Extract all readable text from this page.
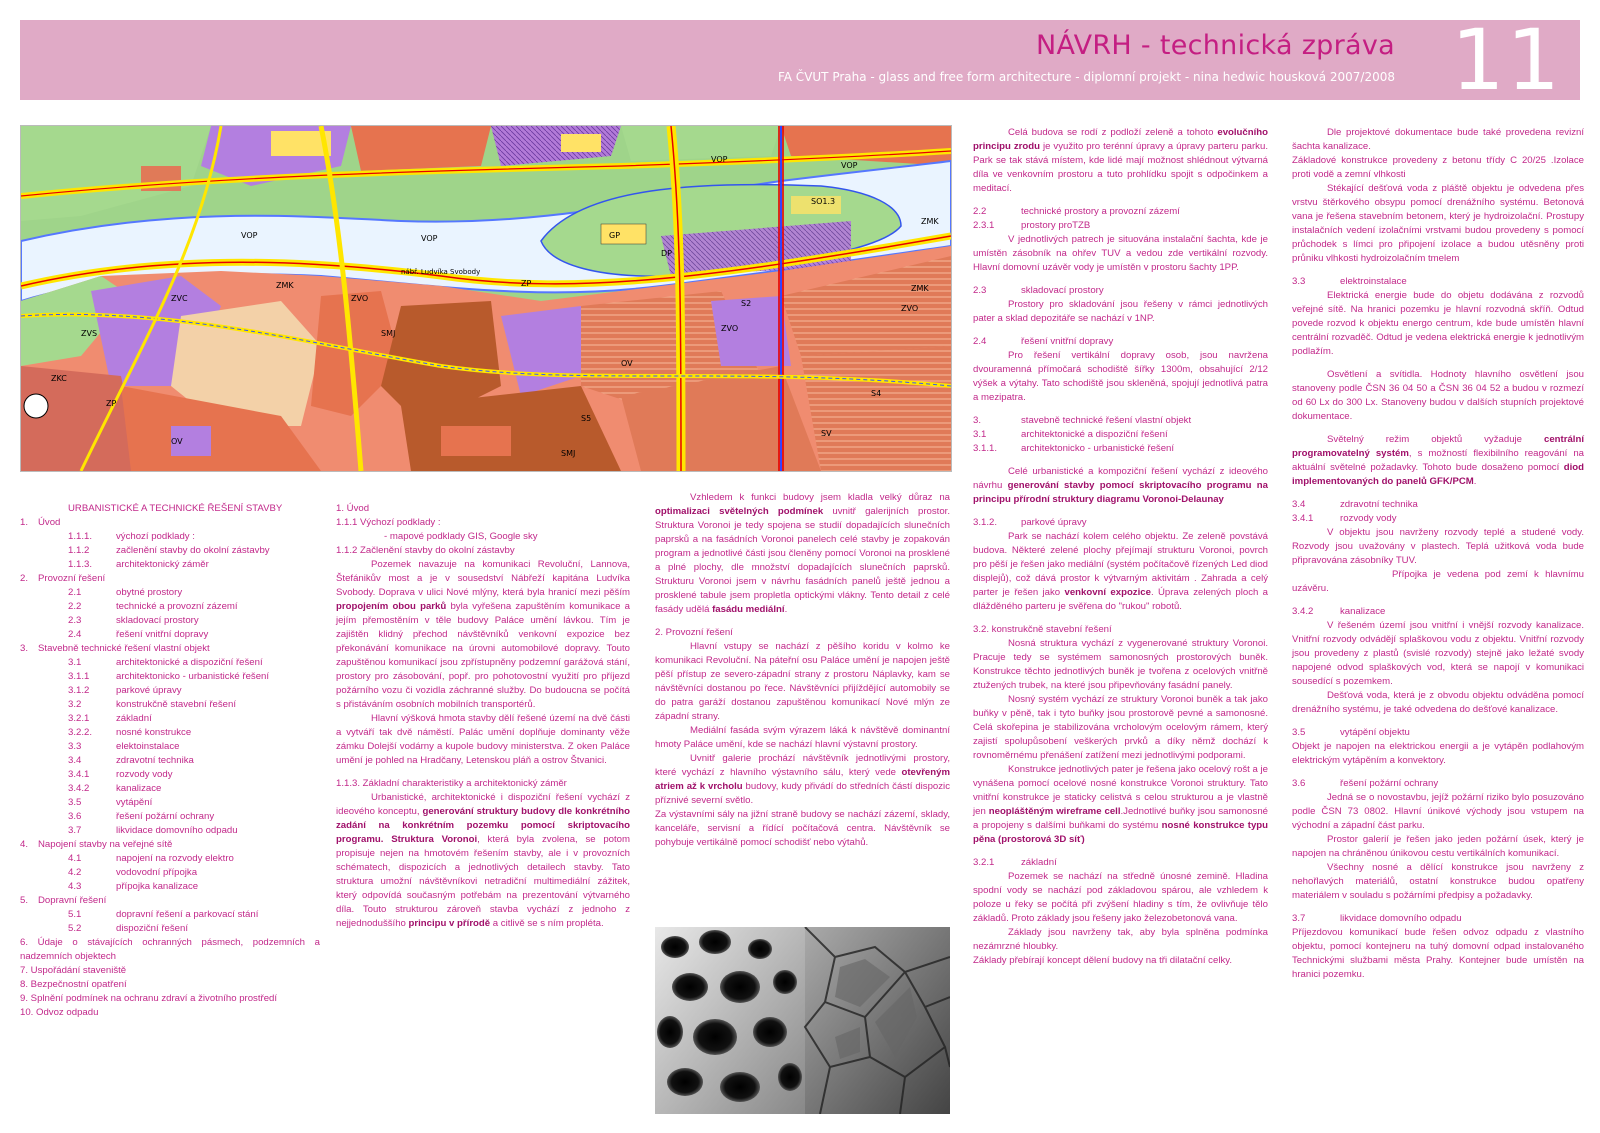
NÁVRH - technická zpráva
FA ČVUT Praha - glass and free form architecture - diplomní projekt - nina hedwic housková 2007/2008 11
VOP
VOP
VOP
VOP
SO1.3
ZMK
ZMK
ZMK
ZVO
ZVO
ZVO
ZVS
ZVC
ZKC
ZP
ZP
OV
OV
SMJ
SMJ
SV
S2
S4
S5
GP
DP
nábř. Ludvíka Svobody
URBANISTICKÉ A TECHNICKÉ ŘEŠENÍ STAVBY
1. Úvod
1.1.1. výchozí podklady :
1.1.2	začlenění stavby do okolní zástavby
1.1.3. architektonický záměr
2. Provozní řešení
2.1	obytné prostory
2.2	technické a provozní zázemí
2.3	skladovací prostory
2.4	řešení vnitřní dopravy
3. Stavebně technické řešení vlastní objekt
3.1	architektonické a dispoziční řešení
3.1.1	architektonicko - urbanistické řešení
3.1.2	parkové úpravy
3.2	konstrukčně stavební řešení
3.2.1	základní
3.2.2. nosné konstrukce
3.3	elektoinstalace
3.4	zdravotní technika
3.4.1	rozvody vody
3.4.2	kanalizace
3.5	vytápění
3.6	řešení požární ochrany
3.7	likvidace domovního odpadu
4. Napojení stavby na veřejné sítě
4.1	napojení na rozvody elektro
4.2	vodovodní přípojka
4.3	přípojka kanalizace
5. Dopravní řešení
5.1	dopravní řešení a parkovací stání
5.2	dispoziční řešení

6. Údaje o stávajících ochranných pásmech, podzemních a nadzemních objektech

7. Uspořádání staveniště

8. Bezpečnostní opatření

9. Splnění podmínek na ochranu zdraví a životního prostředí

10. Odvoz odpadu

1. Úvod

1.1.1 Výchozí podklady :

- mapové podklady GIS, Google sky

1.1.2 Začlenění stavby do okolní zástavby

Pozemek navazuje na komunikaci Revoluční, Lannova, Štefánikův most a je v sousedství Nábřeží kapitána Ludvíka Svobody. Doprava v ulici Nové mlýny, která byla hranicí mezi pěším propojením obou parků byla vyřešena zapuštěním komunikace a jejím přemostěním v těle budovy Paláce umění lávkou. Tím je zajištěn klidný přechod návštěvníků venkovní expozice bez překonávání komunikace na úrovni automobilové dopravy. Touto zapuštěnou komunikací jsou zpřístupněny podzemní garážová stání, prostory pro zásobování, popř. pro pohotovostní využití pro příjezd požárního vozu či vozidla záchranné služby. Do budoucna se počítá s přistáváním osobních mobilních transportérů.

Hlavní výšková hmota stavby dělí řešené území na dvě části a vytváří tak dvě náměstí. Palác umění doplňuje dominanty věže zámku Dolejší vodárny a kupole budovy ministerstva. Z oken Paláce umění je pohled na Hradčany, Letenskou pláň a ostrov Štvanici.

1.1.3. Základní charakteristiky a architektonický záměr

Urbanistické, architektonické i dispoziční řešení vychází z ideového konceptu, generování struktury budovy dle konkrétního zadání na konkrétním pozemku pomocí skriptovacího programu. Struktura Voronoi, která byla zvolena, se potom propisuje nejen na hmotovém řešením stavby, ale i v provozních schématech, dispozicích a jednotlivých detailech stavby. Tato struktura umožní návštěvníkovi netradiční multimediální zážitek, který odpovídá současným potřebám na prezentování výtvarného díla. Touto strukturou zároveň stavba vychází z jednoho z nejjednoduššího principu v přírodě a citlivě se s ním propléta.

Vzhledem k funkci budovy jsem kladla velký důraz na optimalizaci světelných podmínek uvnitř galerijních prostor. Struktura Voronoi je tedy spojena se studií dopadajících slunečních paprsků a na fasádních Voronoi panelech celé stavby je zopakován program a jednotlivé části jsou členěny pomocí Voronoi na prosklené a plné plochy, dle množství dopadajících slunečních paprsků. Strukturu Voronoi jsem v návrhu fasádních panelů ještě jednou a prosklené tabule jsem propletla optickými vlákny. Tento detail z celé fasády udělá fasádu mediální.

2. Provozní řešení

Hlavní vstupy se nachází z pěšího koridu v kolmo ke komunikaci Revoluční. Na páteřní osu Paláce umění je napojen ještě pěší přístup ze severo-západní strany z prostoru Náplavky, kam se návštěvníci dostanou po řece. Návštěvníci přijíždějící automobily se do patra garáží dostanou zapuštěnou komunikací Nové mlýn ze západní strany.

Mediální fasáda svým výrazem láká k návštěvě dominantní hmoty Paláce umění, kde se nachází hlavní výstavní prostory.

Uvnitř galerie prochází návštěvník jednotlivými prostory, které vychází z hlavního výstavního sálu, který vede otevřeným atriem až k vrcholu budovy, kudy přivádí do středních částí dispozic příznivé severní světlo.

Za výstavními sály na jižní straně budovy se nachází zázemí, sklady, kanceláře, servisní a řídící počítačová centra. Návštěvník se pohybuje vertikálně pomocí schodišť nebo výtahů.

Celá budova se rodí z podloží zeleně a tohoto evolučního principu zrodu je využito pro terénní úpravy a úpravy parteru parku. Park se tak stává místem, kde lidé mají možnost shlédnout výtvarná díla ve venkovním prostoru a tuto prohlídku spojit s odpočinkem a meditací.

2.2	technické prostory a provozní zázemí

2.3.1	prostory proTZB

V jednotlivých patrech je situována instalační šachta, kde je umístěn zásobník na ohřev TUV a vedou zde vertikální rozvody. Hlavní domovní uzávěr vody je umístěn v prostoru šachty 1PP.

2.3	skladovací prostory

Prostory pro skladování jsou řešeny v rámci jednotlivých pater a sklad depozitáře se nachází v 1NP.

2.4	řešení vnitřní dopravy

Pro řešení vertikální dopravy osob, jsou navržena dvouramenná přímočará schodiště šířky 1300m, obsahující 2/12 výšek a výtahy. Tato schodiště jsou skleněná, spojují jednotlivá patra a mezipatra.

3.	stavebně technické řešení vlastní objekt

3.1	architektonické a dispoziční řešení

3.1.1. architektonicko - urbanistické řešení

Celé urbanistické a kompoziční řešení vychází z ideového návrhu generování stavby pomocí skriptovacího programu na principu přírodní struktury diagramu Voronoi-Delaunay

3.1.2. parkové úpravy

Park se nachází kolem celého objektu. Ze zeleně povstává budova. Některé zelené plochy přejímají strukturu Voronoi, povrch pro pěší je řešen jako mediální (systém počítačově řízených Led diod displejů), což dává prostor k výtvarným aktivitám . Zahrada a celý parter je řešen jako venkovní expozice. Úprava zelených ploch a dlážděného parteru je svěřena do "rukou" robotů.

3.2. konstrukčně stavební řešení

Nosná struktura vychází z vygenerované struktury Voronoi. Pracuje tedy se systémem samonosných prostorových buněk. Konstrukce těchto jednotlivých buněk je tvořena z ocelových vnitřně ztužených trubek, na které jsou připevňovány fasádní panely.

Nosný systém vychází ze struktury Voronoi buněk a tak jako buňky v pěně, tak i tyto buňky jsou prostorově pevné a samonosné. Celá skořepina je stabilizována vrcholovým ocelovým rámem, který zajistí spolupůsobení veškerých prvků a díky němž dochází k rovnoměrnému přenášení zatížení mezi jednotlivými podporami.

Konstrukce jednotlivých pater je řešena jako ocelový rošt a je vynášena pomocí ocelové nosné konstrukce Voronoi struktury. Tato vnitřní konstrukce je staticky celistvá s celou strukturou a je vlastně jen neopláštěným wireframe cell.Jednotlivé buňky jsou samonosné a propojeny s dalšími buňkami do systému nosné konstrukce typu pěna (prostorová 3D síť)

3.2.1	základní

Pozemek se nachází na středně únosné zemině. Hladina spodní vody se nachází pod základovou spárou, ale vzhledem k poloze u řeky se počítá při zvýšení hladiny s tím, že ovlivňuje tělo základů. Proto základy jsou řešeny jako železobetonová vana.

Základy jsou navrženy tak, aby byla splněna podmínka nezámrzné hloubky.

Základy přebírají koncept dělení budovy na tři dilatační celky.

Dle projektové dokumentace bude také provedena revizní šachta kanalizace.

Základové konstrukce provedeny z betonu třídy C 20/25 .Izolace proti vodě a zemní vlhkosti

Stékající dešťová voda z pláště objektu je odvedena přes vrstvu štěrkového obsypu pomocí drenážního systému. Betonová vana je řešena stavebním betonem, který je hydroizolační. Prostupy instalačních vedení izolačními vrstvami budou provedeny s pomocí průchodek s límci pro připojení izolace a budou utěsněny proti průniku vlhkosti hydroizolačním tmelem

3.3	elektroinstalace

Elektrická energie bude do objetu dodávána z rozvodů veřejné sítě. Na hranici pozemku je hlavní rozvodná skříň. Odtud povede rozvod k objektu energo centrum, kde bude umístěn hlavní centrální rozvaděč. Odtud je vedena elektrická energie k jednotlivým podlažím.

Osvětlení a svítidla. Hodnoty hlavního osvětlení jsou stanoveny podle ČSN 36 04 50 a ČSN 36 04 52 a budou v rozmezí od 60 Lx do 300 Lx. Stanoveny budou v dalších stupních projektové dokumentace.

Světelný režim objektů vyžaduje centrální programovatelný systém, s možností flexibilního reagování na aktuální světelné požadavky. Tohoto bude dosaženo pomocí diod implementovaných do panelů GFK/PCM.

3.4	zdravotní technika

3.4.1	rozvody vody

V objektu jsou navrženy rozvody teplé a studené vody. Rozvody jsou uvažovány v plastech. Teplá užitková voda bude připravována zásobníky TUV.

Přípojka je vedena pod zemí k hlavnímu uzávěru.

3.4.2	kanalizace

V řešeném území jsou vnitřní i vnější rozvody kanalizace. Vnitřní rozvody odvádějí splaškovou vodu z objektu. Vnitřní rozvody jsou provedeny z plastů (svislé rozvody) stejně jako ležaté svody napojené odvod splaškových vod, která se napojí v komunikaci sousedící s pozemkem.

Dešťová voda, která je z obvodu objektu odváděna pomocí drenážního systému, je také odvedena do dešťové kanalizace.

3.5	vytápění objektu

Objekt je napojen na elektrickou energii a je vytápěn podlahovým elektrickým vytápěním a konvektory.

3.6	řešení požární ochrany

Jedná se o novostavbu, jejíž požární riziko bylo posuzováno podle ČSN 73 0802. Hlavní únikové východy jsou vstupem na východní a západní část parku.

Prostor galerií je řešen jako jeden požární úsek, který je napojen na chráněnou únikovou cestu vertikálních komunikací.

Všechny nosné a dělící konstrukce jsou navrženy z nehořlavých materiálů, ostatní konstrukce budou opatřeny materiálem v souladu s požárními předpisy a požadavky.

3.7	likvidace domovního odpadu

Příjezdovou komunikací bude řešen odvoz odpadu z vlastního objektu, pomocí kontejneru na tuhý domovní odpad instalovaného Technickými službami města Prahy. Kontejner bude umístěn na hranici pozemku.
